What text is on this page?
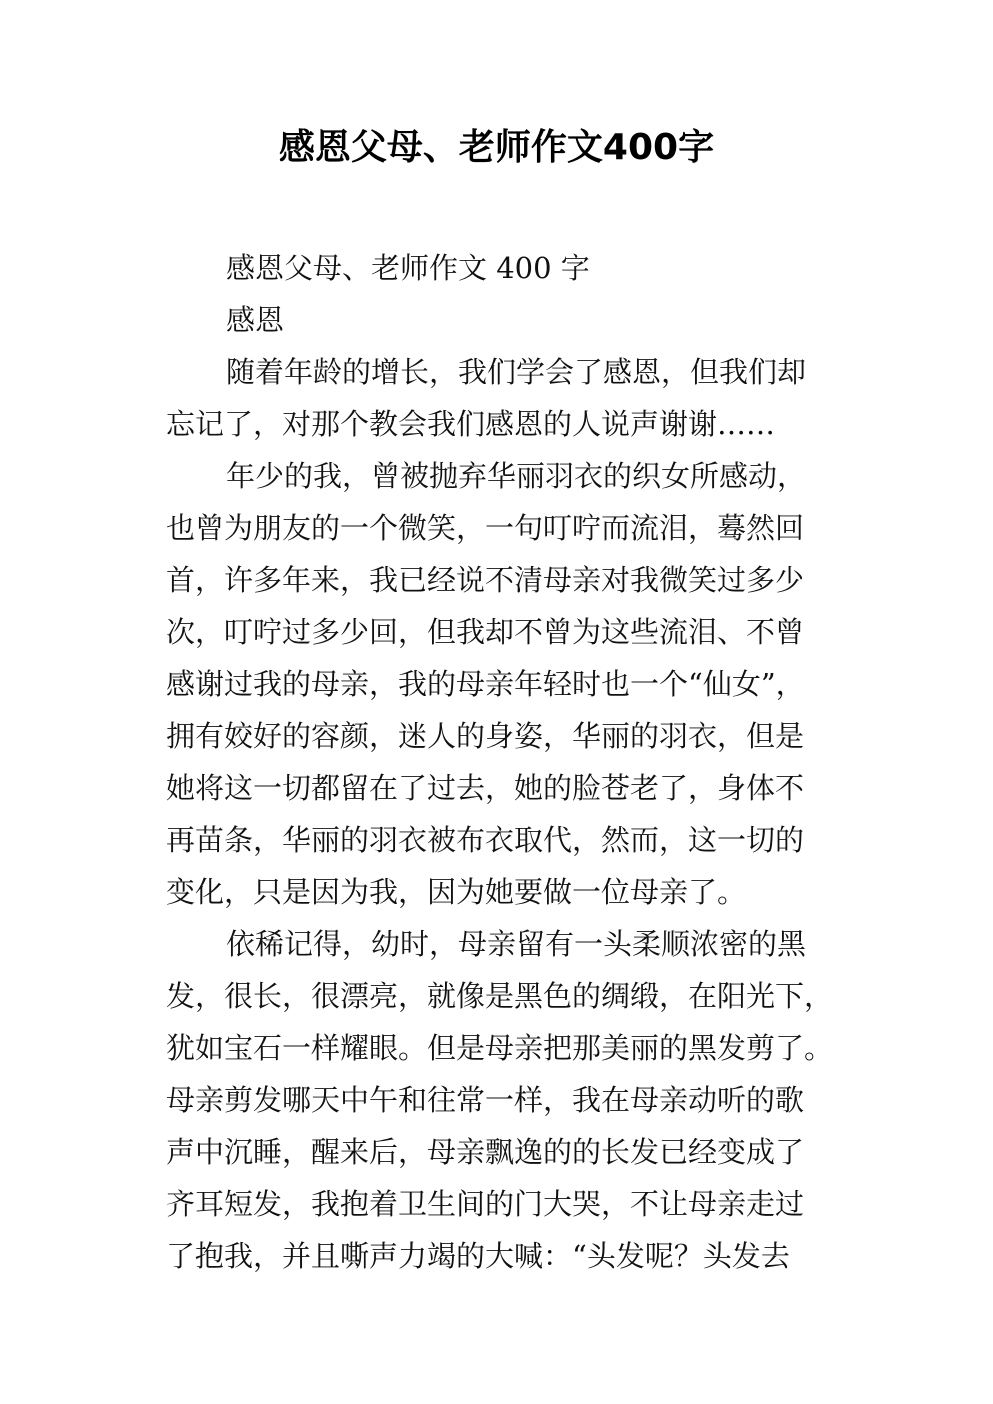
感恩父母、老师作文400字
感恩父母、老师作文 400 字
感恩
随着年龄的增长，我们学会了感恩，但我们却
忘记了，对那个教会我们感恩的人说声谢谢……
年少的我，曾被抛弃华丽羽衣的织女所感动，
也曾为朋友的一个微笑，一句叮咛而流泪，蓦然回
首，许多年来，我已经说不清母亲对我微笑过多少
次，叮咛过多少回，但我却不曾为这些流泪、不曾
感谢过我的母亲，我的母亲年轻时也一个“仙女”，
拥有姣好的容颜，迷人的身姿，华丽的羽衣，但是
她将这一切都留在了过去，她的脸苍老了，身体不
再苗条，华丽的羽衣被布衣取代，然而，这一切的
变化，只是因为我，因为她要做一位母亲了。
依稀记得，幼时，母亲留有一头柔顺浓密的黑
发，很长，很漂亮，就像是黑色的绸缎，在阳光下，
犹如宝石一样耀眼。但是母亲把那美丽的黑发剪了。
母亲剪发哪天中午和往常一样，我在母亲动听的歌
声中沉睡，醒来后，母亲飘逸的的长发已经变成了
齐耳短发，我抱着卫生间的门大哭，不让母亲走过
了抱我，并且嘶声力竭的大喊：“头发呢？头发去
